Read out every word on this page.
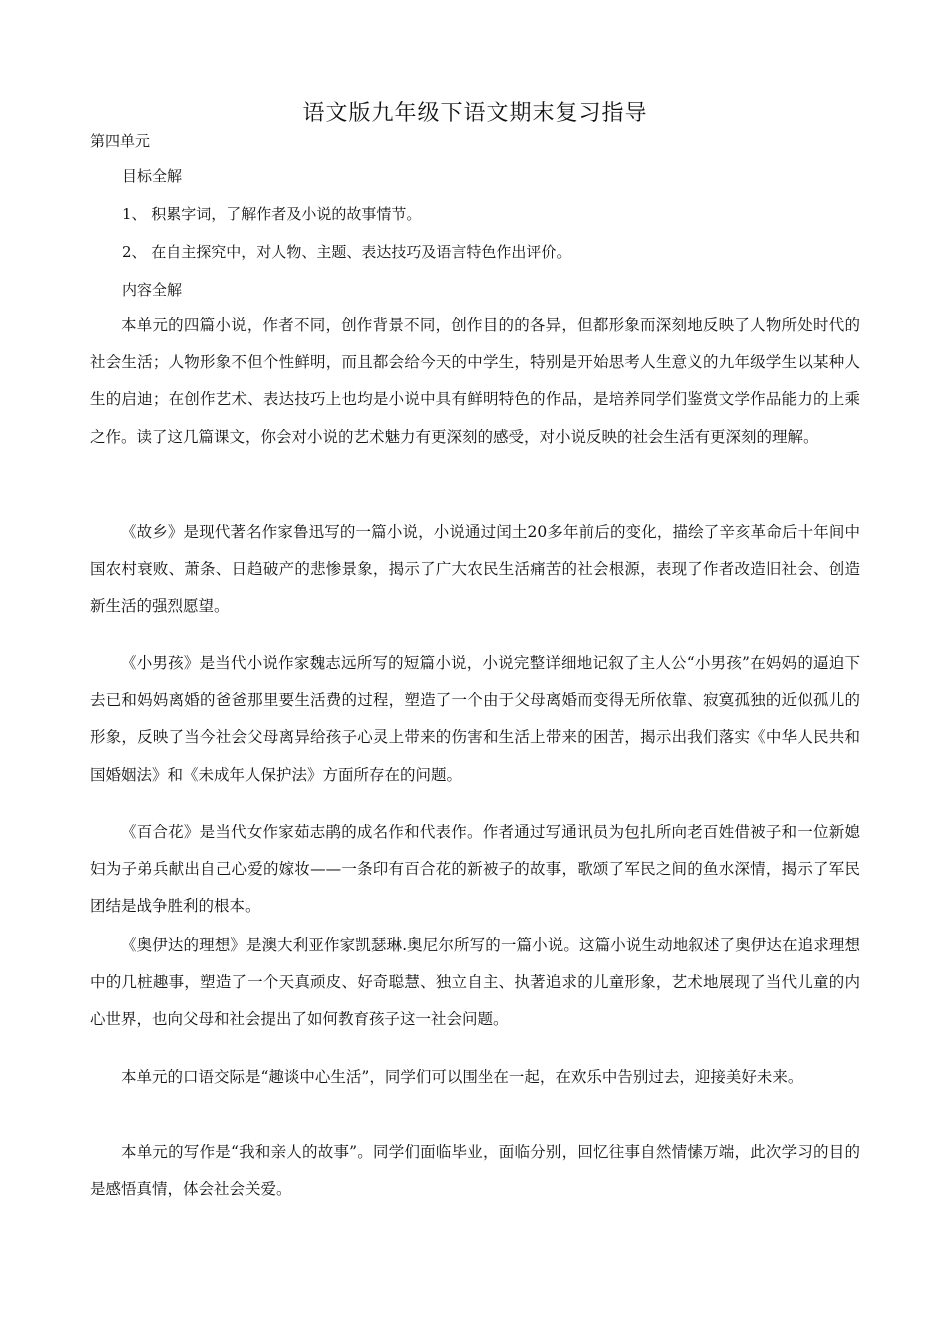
语文版九年级下语文期末复习指导

第四单元

目标全解

1、 积累字词，了解作者及小说的故事情节。

2、 在自主探究中，对人物、主题、表达技巧及语言特色作出评价。

内容全解

本单元的四篇小说，作者不同，创作背景不同，创作目的的各异，但都形象而深刻地反映了人物所处时代的社会生活；人物形象不但个性鲜明，而且都会给今天的中学生，特别是开始思考人生意义的九年级学生以某种人生的启迪；在创作艺术、表达技巧上也均是小说中具有鲜明特色的作品，是培养同学们鉴赏文学作品能力的上乘之作。读了这几篇课文，你会对小说的艺术魅力有更深刻的感受，对小说反映的社会生活有更深刻的理解。

《故乡》是现代著名作家鲁迅写的一篇小说，小说通过闰土20多年前后的变化，描绘了辛亥革命后十年间中国农村衰败、萧条、日趋破产的悲惨景象，揭示了广大农民生活痛苦的社会根源，表现了作者改造旧社会、创造新生活的强烈愿望。

《小男孩》是当代小说作家魏志远所写的短篇小说，小说完整详细地记叙了主人公“小男孩”在妈妈的逼迫下去已和妈妈离婚的爸爸那里要生活费的过程，塑造了一个由于父母离婚而变得无所依靠、寂寞孤独的近似孤儿的形象，反映了当今社会父母离异给孩子心灵上带来的伤害和生活上带来的困苦，揭示出我们落实《中华人民共和国婚姻法》和《未成年人保护法》方面所存在的问题。

《百合花》是当代女作家茹志鹃的成名作和代表作。作者通过写通讯员为包扎所向老百姓借被子和一位新媳妇为子弟兵献出自己心爱的嫁妆——一条印有百合花的新被子的故事，歌颂了军民之间的鱼水深情，揭示了军民团结是战争胜利的根本。

《奥伊达的理想》是澳大利亚作家凯瑟琳.奥尼尔所写的一篇小说。这篇小说生动地叙述了奥伊达在追求理想中的几桩趣事，塑造了一个天真顽皮、好奇聪慧、独立自主、执著追求的儿童形象，艺术地展现了当代儿童的内心世界，也向父母和社会提出了如何教育孩子这一社会问题。

本单元的口语交际是“趣谈中心生活”，同学们可以围坐在一起，在欢乐中告别过去，迎接美好未来。

本单元的写作是“我和亲人的故事”。同学们面临毕业，面临分别，回忆往事自然情愫万端，此次学习的目的是感悟真情，体会社会关爱。
